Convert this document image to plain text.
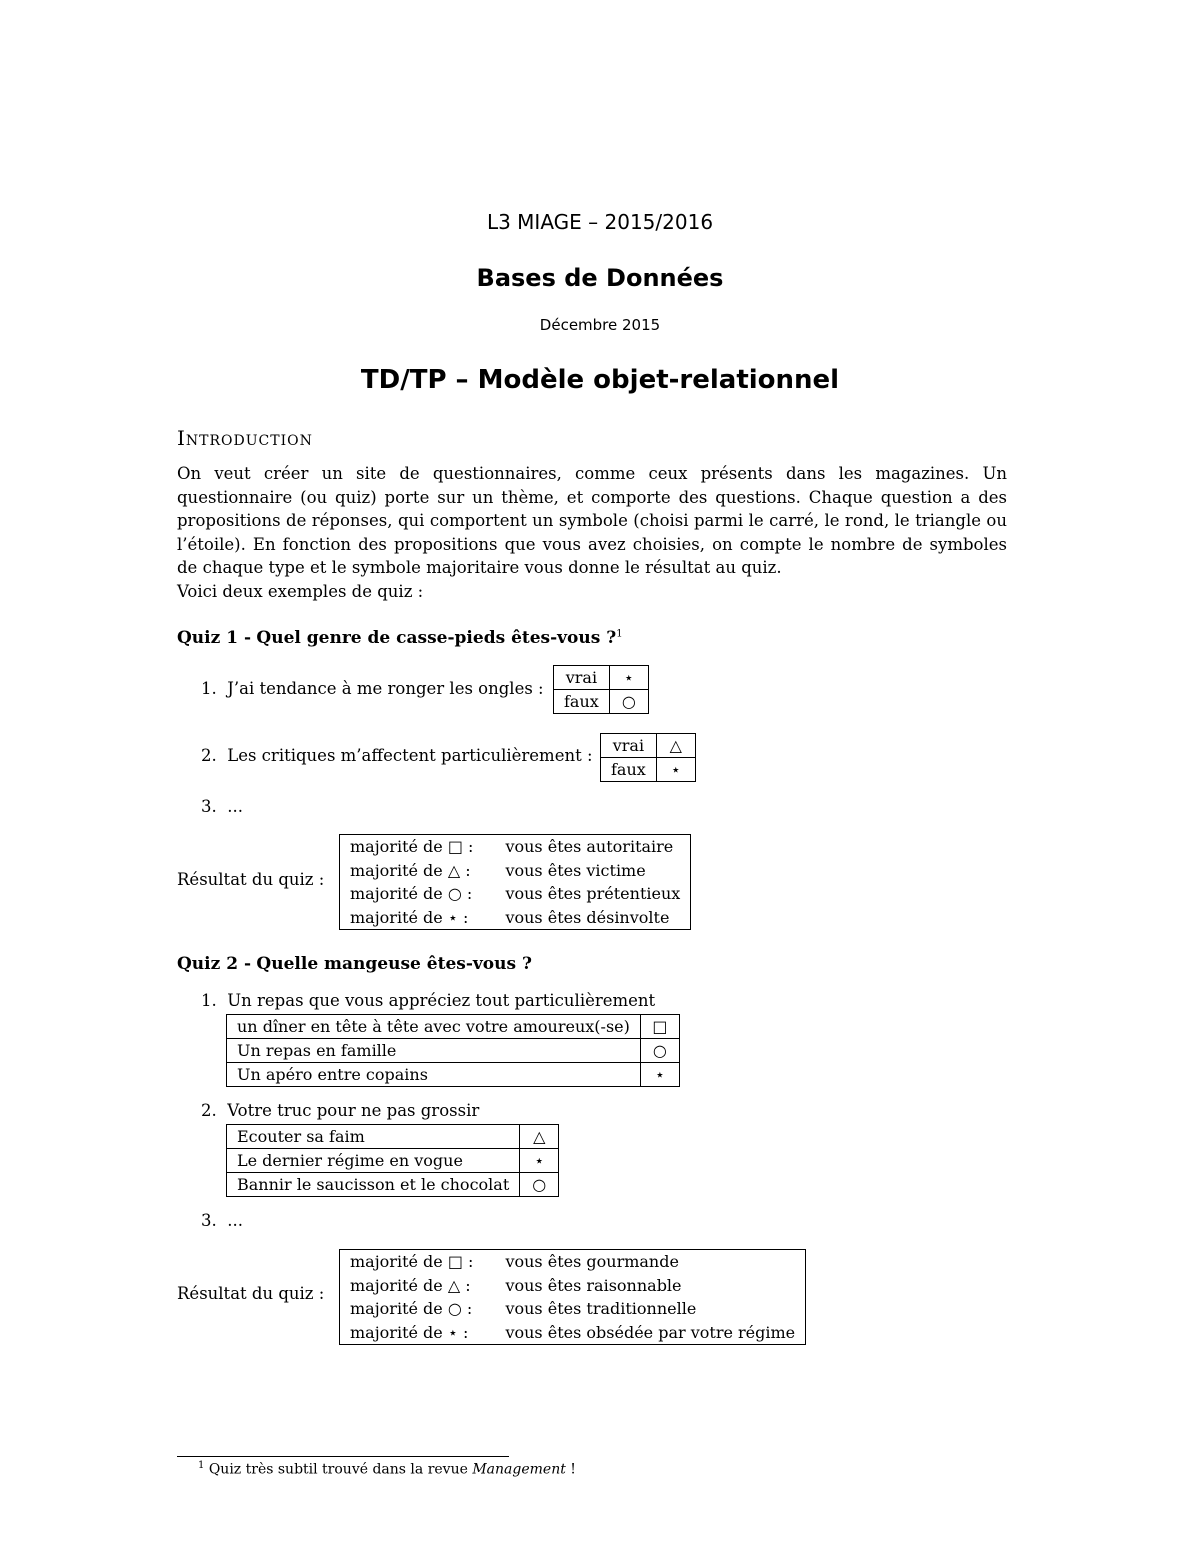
L3 MIAGE – 2015/2016
Bases de Données
Décembre 2015
TD/TP – Modèle objet-relationnel
Introduction

On veut créer un site de questionnaires, comme ceux présents dans les magazines. Un questionnaire (ou quiz) porte sur un thème, et comporte des questions. Chaque question a des propositions de réponses, qui comportent un symbole (choisi parmi le carré, le rond, le triangle ou l’étoile). En fonction des propositions que vous avez choisies, on compte le nombre de symboles de chaque type et le symbole majoritaire vous donne le résultat au quiz.

Voici deux exemples de quiz :

Quiz 1 - Quel genre de casse-pieds êtes-vous ?$^1$
1. J’ai tendance à me ronger les ongles :
vrai	⋆
faux	○
2. Les critiques m’affectent particulièrement :
vrai	△
faux	⋆
3. ...
Résultat du quiz :
majorité de □ :	vous êtes autoritaire
majorité de △ :	vous êtes victime
majorité de ○ :	vous êtes prétentieux
majorité de ⋆ :	vous êtes désinvolte
Quiz 2 - Quelle mangeuse êtes-vous ?
1. Un repas que vous appréciez tout particulièrement
un dîner en tête à tête avec votre amoureux(-se)	□
Un repas en famille	○
Un apéro entre copains	⋆
2. Votre truc pour ne pas grossir
Ecouter sa faim	△
Le dernier régime en vogue	⋆
Bannir le saucisson et le chocolat	○
3. ...
Résultat du quiz :
majorité de □ :	vous êtes gourmande
majorité de △ :	vous êtes raisonnable
majorité de ○ :	vous êtes traditionnelle
majorité de ⋆ :	vous êtes obsédée par votre régime
$^1$ Quiz très subtil trouvé dans la revue Management !
